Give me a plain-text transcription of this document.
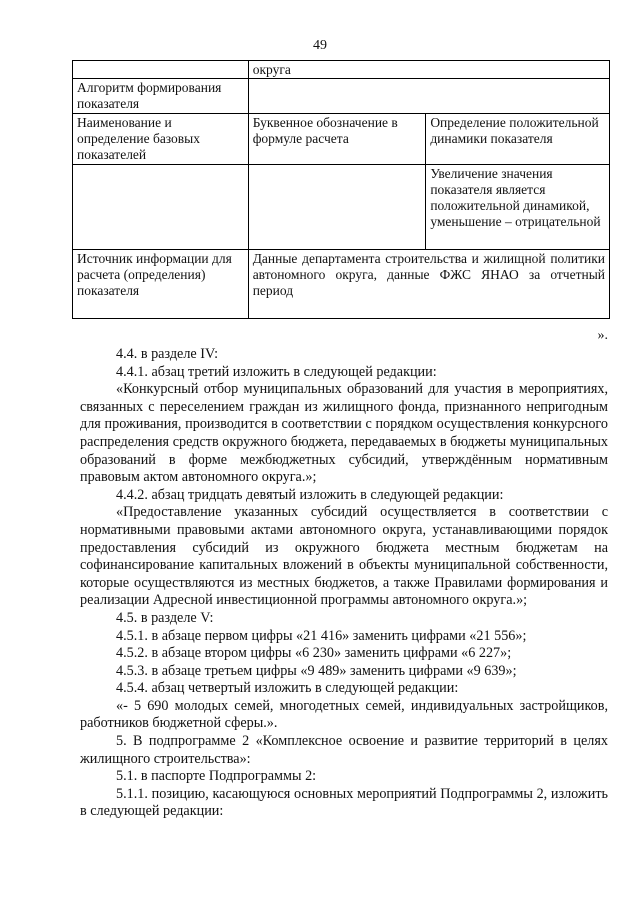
49
	округа	
Алгоритм формирования показателя		
Наименование и определение базовых показателей	Буквенное обозначение в формуле расчета	Определение положительной динамики показателя
		Увеличение значения показателя является положительной динамикой, уменьшение – отрицательной
Источник информации для расчета (определения) показателя	Данные департамента строительства и жилищной политики автономного округа, данные ФЖС ЯНАО за отчетный период	
».

4.4. в разделе IV:

4.4.1. абзац третий изложить в следующей редакции:

«Конкурсный отбор муниципальных образований для участия в мероприятиях, связанных с переселением граждан из жилищного фонда, признанного непригодным для проживания, производится в соответствии с порядком осуществления конкурсного распределения средств окружного бюджета, передаваемых в бюджеты муниципальных образований в форме межбюджетных субсидий, утверждённым нормативным правовым актом автономного округа.»;

4.4.2. абзац тридцать девятый изложить в следующей редакции:

«Предоставление указанных субсидий осуществляется в соответствии с нормативными правовыми актами автономного округа, устанавливающими порядок предоставления субсидий из окружного бюджета местным бюджетам на софинансирование капитальных вложений в объекты муниципальной собственности, которые осуществляются из местных бюджетов, а также Правилами формирования и реализации Адресной инвестиционной программы автономного округа.»;

4.5. в разделе V:

4.5.1. в абзаце первом цифры «21 416» заменить цифрами «21 556»;

4.5.2. в абзаце втором цифры «6 230» заменить цифрами «6 227»;

4.5.3. в абзаце третьем цифры «9 489» заменить цифрами «9 639»;

4.5.4. абзац четвертый изложить в следующей редакции:

«- 5 690 молодых семей, многодетных семей, индивидуальных застройщиков, работников бюджетной сферы.».

5. В подпрограмме 2 «Комплексное освоение и развитие территорий в целях жилищного строительства»:

5.1. в паспорте Подпрограммы 2:

5.1.1. позицию, касающуюся основных мероприятий Подпрограммы 2, изложить в следующей редакции:
